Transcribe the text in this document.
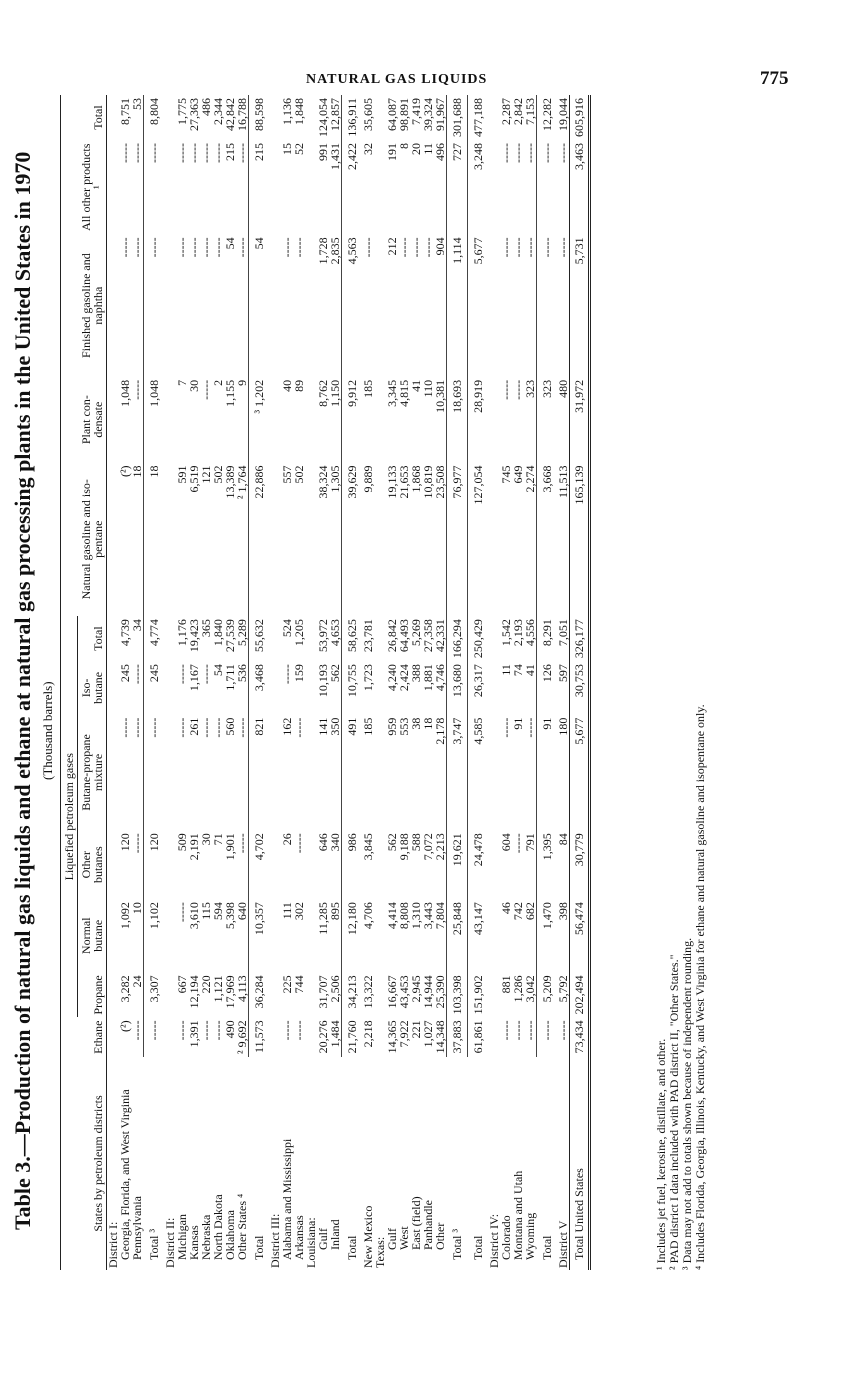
NATURAL GAS LIQUIDS	775
Table 3.—Production of natural gas liquids and ethane at natural gas processing plants in the United States in 1970 (Thousand barrels)
States by petroleum districts	Ethane	Liquefied petroleum gases						Natural gasoline and iso-pentane	Plant con-densate	Finished gasoline and naphtha	All other products ¹	Total
		Propane	Normal butane	Other butanes	Butane-propane mixture	Iso-butane	Total					
District I:												
Georgia, Florida, and West Virginia	(²)	3,282	1,092	120	-----	245	4,739	(²)	1,048	-----	-----	8,751
Pennsylvania	-----	24	10	-----	-----	-----	34	18	-----	-----	-----	53
Total ³	-----	3,307	1,102	120	-----	245	4,774	18	1,048	-----	-----	8,804
District II:												
Michigan	-----	667	-----	509	-----	-----	1,176	591	7	-----	-----	1,775
Kansas	1,391	12,194	3,610	2,191	261	1,167	19,423	6,519	30	-----	-----	27,363
Nebraska	-----	220	115	30	-----	-----	365	121	-----	-----	-----	486
North Dakota	-----	1,121	594	71	-----	54	1,840	502	2	-----	-----	2,344
Oklahoma	490	17,969	5,398	1,901	560	1,711	27,539	13,389	1,155	54	215	42,842
Other States ⁴	² 9,692	4,113	640	-----	-----	536	5,289	² 1,764	9	-----	-----	16,788
Total	11,573	36,284	10,357	4,702	821	3,468	55,632	22,886	³ 1,202	54	215	88,598
District III:												
Alabama and Mississippi	-----	225	111	26	162	-----	524	557	40	-----	15	1,136
Arkansas	-----	744	302	-----	-----	159	1,205	502	89	-----	52	1,848
Louisiana:												
Gulf	20,276	31,707	11,285	646	141	10,193	53,972	38,324	8,762	1,728	991	124,054
Inland	1,484	2,506	895	340	350	562	4,653	1,305	1,150	2,835	1,431	12,857
Total	21,760	34,213	12,180	986	491	10,755	58,625	39,629	9,912	4,563	2,422	136,911
New Mexico	2,218	13,322	4,706	3,845	185	1,723	23,781	9,889	185	-----	32	35,605
Texas:												
Gulf	14,365	16,667	4,414	562	959	4,240	26,842	19,133	3,345	212	191	64,087
West	7,922	43,453	8,808	9,188	553	2,424	64,493	21,653	4,815	-----	8	98,891
East (field)	221	2,945	1,310	588	38	388	5,269	1,868	41	-----	20	7,419
Panhandle	1,027	14,944	3,443	7,072	18	1,881	27,358	10,819	110	-----	11	39,324
Other	14,348	25,390	7,804	2,213	2,178	4,746	42,331	23,508	10,381	904	496	91,967
Total ³	37,883	103,398	25,848	19,621	3,747	13,680	166,294	76,977	18,693	1,114	727	301,688
Total	61,861	151,902	43,147	24,478	4,585	26,317	250,429	127,054	28,919	5,677	3,248	477,188
District IV:												
Colorado	-----	881	46	604	-----	11	1,542	745	-----	-----	-----	2,287
Montana and Utah	-----	1,286	742	-----	91	74	2,193	649	-----	-----	-----	2,842
Wyoming	-----	3,042	682	791	-----	41	4,556	2,274	323	-----	-----	7,153
Total	-----	5,209	1,470	1,395	91	126	8,291	3,668	323	-----	-----	12,282
District V	-----	5,792	398	84	180	597	7,051	11,513	480	-----	-----	19,044
Total United States	73,434	202,494	56,474	30,779	5,677	30,753	326,177	165,139	31,972	5,731	3,463	605,916
¹ Includes jet fuel, kerosine, distillate, and other. ² PAD district I data included with PAD district II, "Other States." ³ Data may not add to totals shown because of independent rounding. ⁴ Includes Florida, Georgia, Illinois, Kentucky, and West Virginia for ethane and natural gasoline and isopentane only.
